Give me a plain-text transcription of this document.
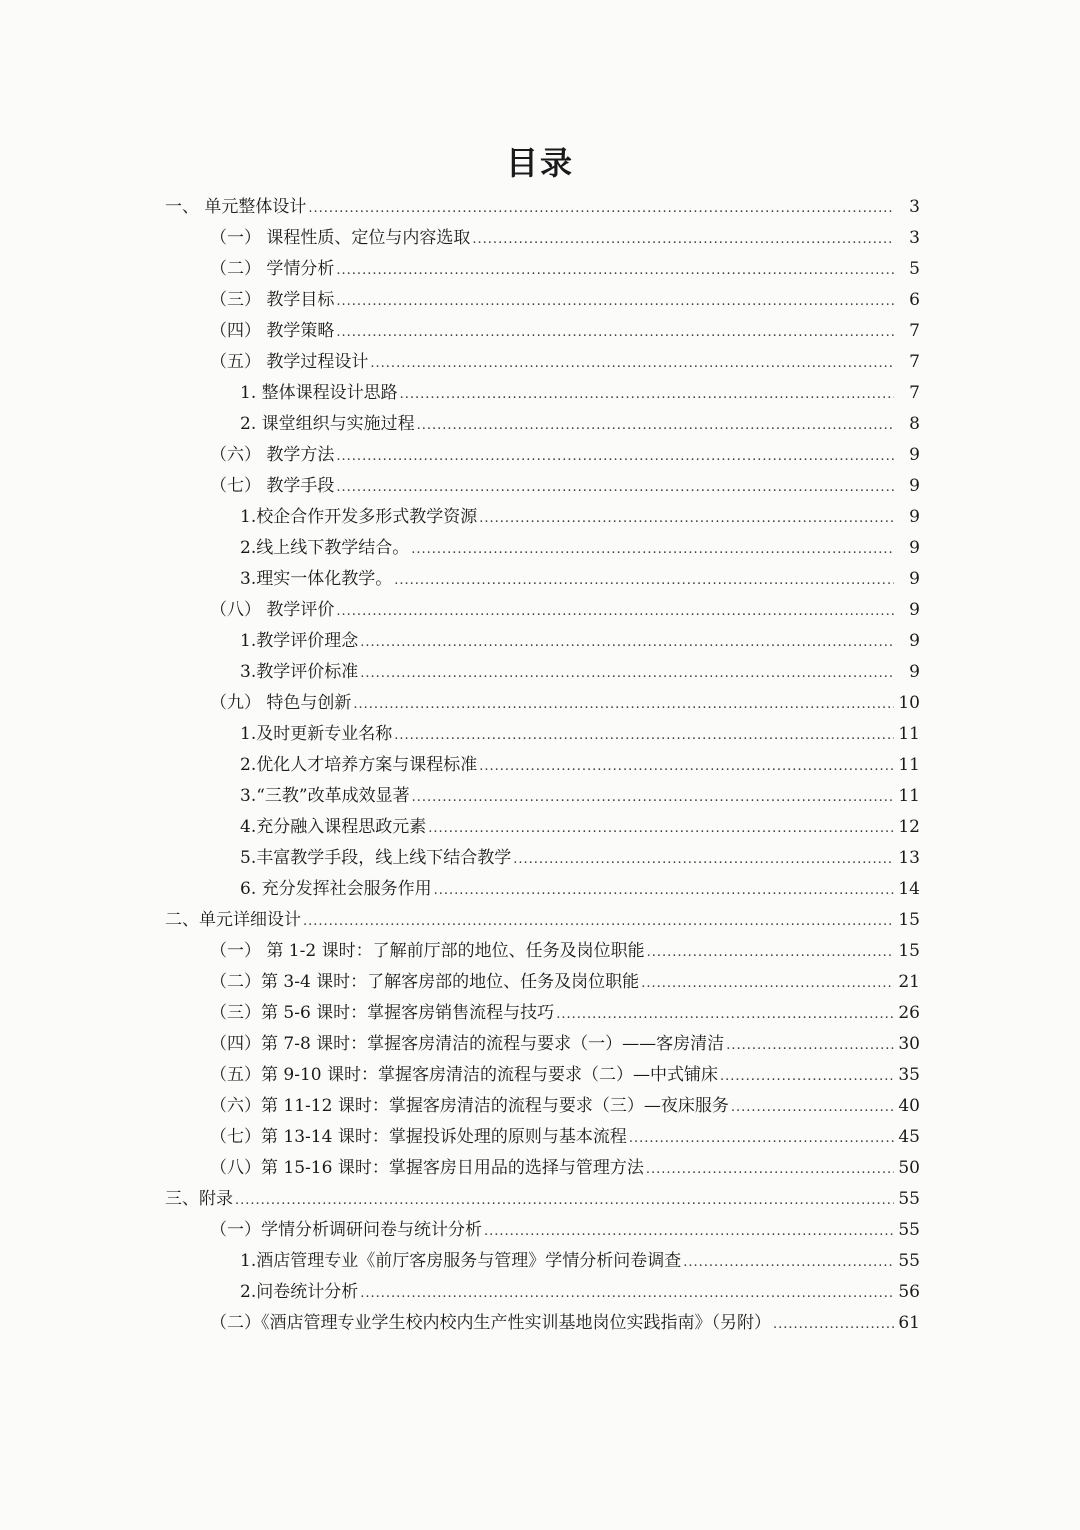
目录
一、 单元整体设计 .....	3
（一） 课程性质、定位与内容选取 .....	3
（二） 学情分析 .....	5
（三） 教学目标 .....	6
（四） 教学策略 .....	7
（五） 教学过程设计 .....	7
1. 整体课程设计思路 .....	7
2. 课堂组织与实施过程 .....	8
（六） 教学方法 .....	9
（七） 教学手段 .....	9
1.校企合作开发多形式教学资源 .....	9
2.线上线下教学结合。 .....	9
3.理实一体化教学。 .....	9
（八） 教学评价 .....	9
1.教学评价理念 .....	9
3.教学评价标准 .....	9
（九） 特色与创新 .....	10
1.及时更新专业名称 .....	11
2.优化人才培养方案与课程标准 .....	11
3.“三教”改革成效显著 .....	11
4.充分融入课程思政元素 .....	12
5.丰富教学手段，线上线下结合教学 .....	13
6. 充分发挥社会服务作用 .....	14
二、单元详细设计 .....	15
（一） 第 1-2 课时：了解前厅部的地位、任务及岗位职能 .....	15
（二）第 3-4 课时：了解客房部的地位、任务及岗位职能 .....	21
（三）第 5-6 课时：掌握客房销售流程与技巧 .....	26
（四）第 7-8 课时：掌握客房清洁的流程与要求（一）——客房清洁 .....	30
（五）第 9-10 课时：掌握客房清洁的流程与要求（二）—中式铺床 .....	35
（六）第 11-12 课时：掌握客房清洁的流程与要求（三）—夜床服务 .....	40
（七）第 13-14 课时：掌握投诉处理的原则与基本流程 .....	45
（八）第 15-16 课时：掌握客房日用品的选择与管理方法 .....	50
三、附录 .....	55
（一）学情分析调研问卷与统计分析 .....	55
1.酒店管理专业《前厅客房服务与管理》学情分析问卷调查 .....	55
2.问卷统计分析 .....	56
（二）《酒店管理专业学生校内校内生产性实训基地岗位实践指南》（另附） .....	61
